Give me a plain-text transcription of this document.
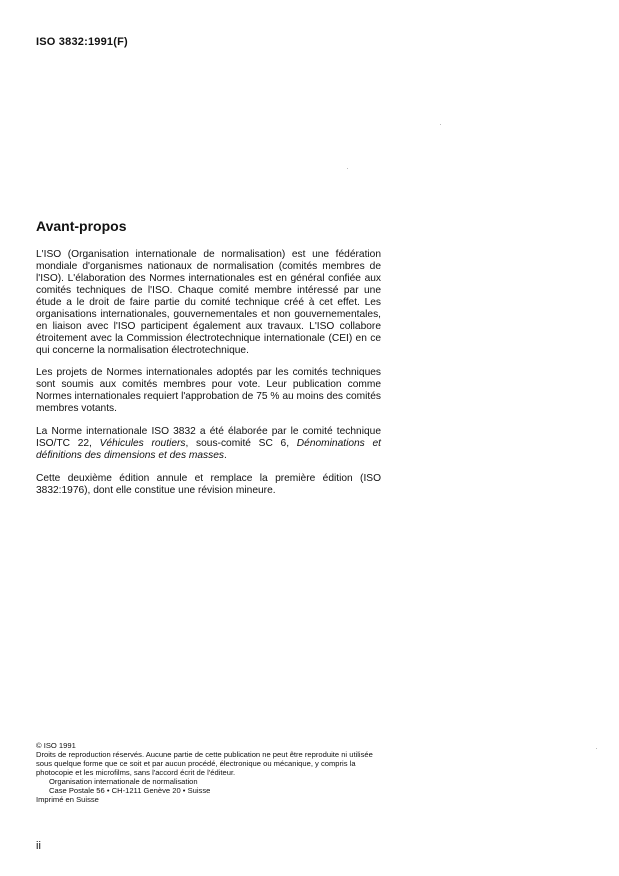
ISO 3832:1991(F)
Avant-propos

L'ISO (Organisation internationale de normalisation) est une fédération mondiale d'organismes nationaux de normalisation (comités membres de l'ISO). L'élaboration des Normes internationales est en général confiée aux comités techniques de l'ISO. Chaque comité membre intéressé par une étude a le droit de faire partie du comité technique créé à cet effet. Les organisations internationales, gouvernementales et non gouvernementales, en liaison avec l'ISO participent également aux travaux. L'ISO collabore étroitement avec la Commission électrotechnique internationale (CEI) en ce qui concerne la normalisation électrotechnique.

Les projets de Normes internationales adoptés par les comités techniques sont soumis aux comités membres pour vote. Leur publication comme Normes internationales requiert l'approbation de 75 % au moins des comités membres votants.

La Norme internationale ISO 3832 a été élaborée par le comité technique ISO/TC 22, Véhicules routiers, sous-comité SC 6, Dénominations et définitions des dimensions et des masses.

Cette deuxième édition annule et remplace la première édition (ISO 3832:1976), dont elle constitue une révision mineure.

© ISO 1991
Droits de reproduction réservés. Aucune partie de cette publication ne peut être reproduite ni utilisée sous quelque forme que ce soit et par aucun procédé, électronique ou mécanique, y compris la photocopie et les microfilms, sans l'accord écrit de l'éditeur.
Organisation internationale de normalisation
Case Postale 56 • CH-1211 Genève 20 • Suisse
Imprimé en Suisse
ii
